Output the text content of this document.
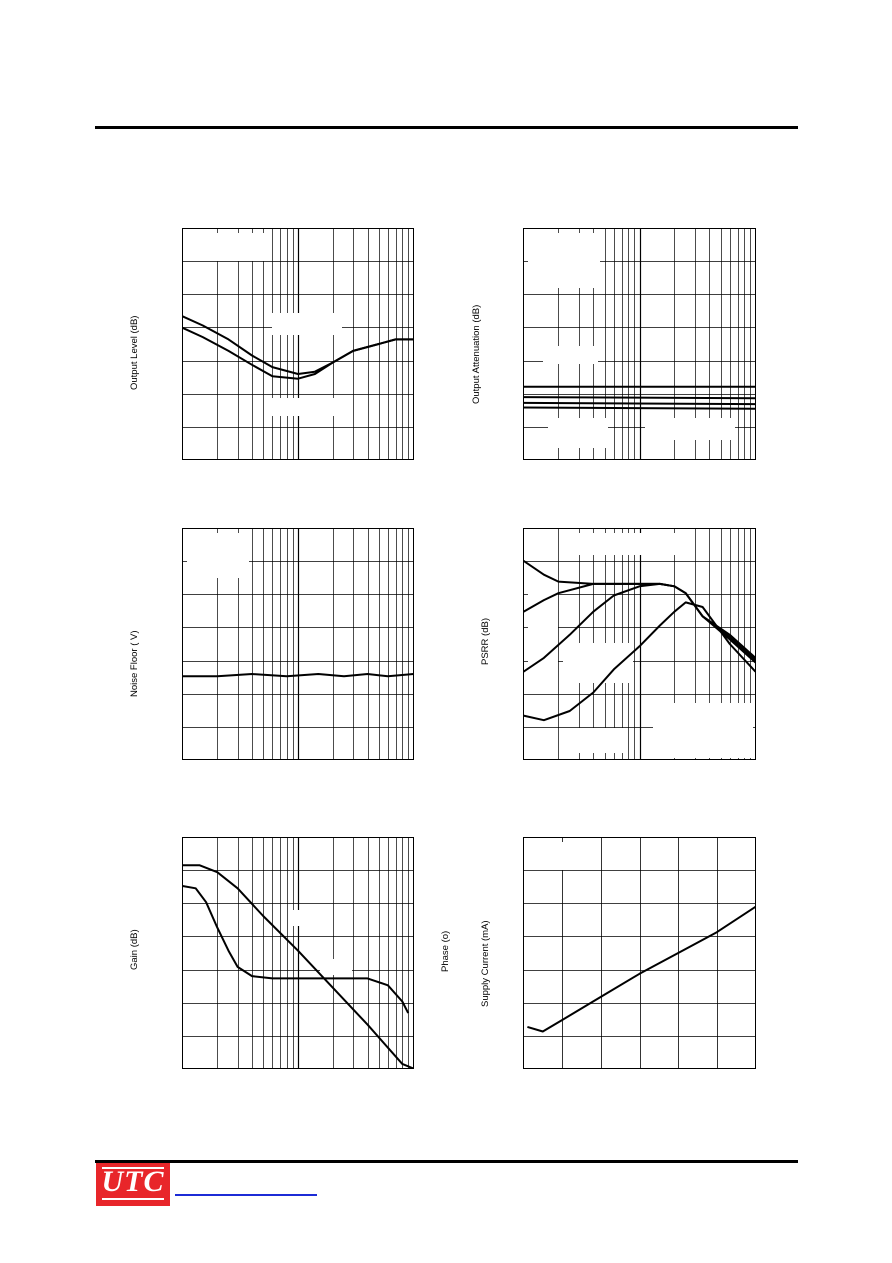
Output Level (dB)	Output Attenuation (dB)
Noise Floor ( V)	PSRR (dB)
Gain (dB)	Phase (o)	Supply Current (mA)
UTC
